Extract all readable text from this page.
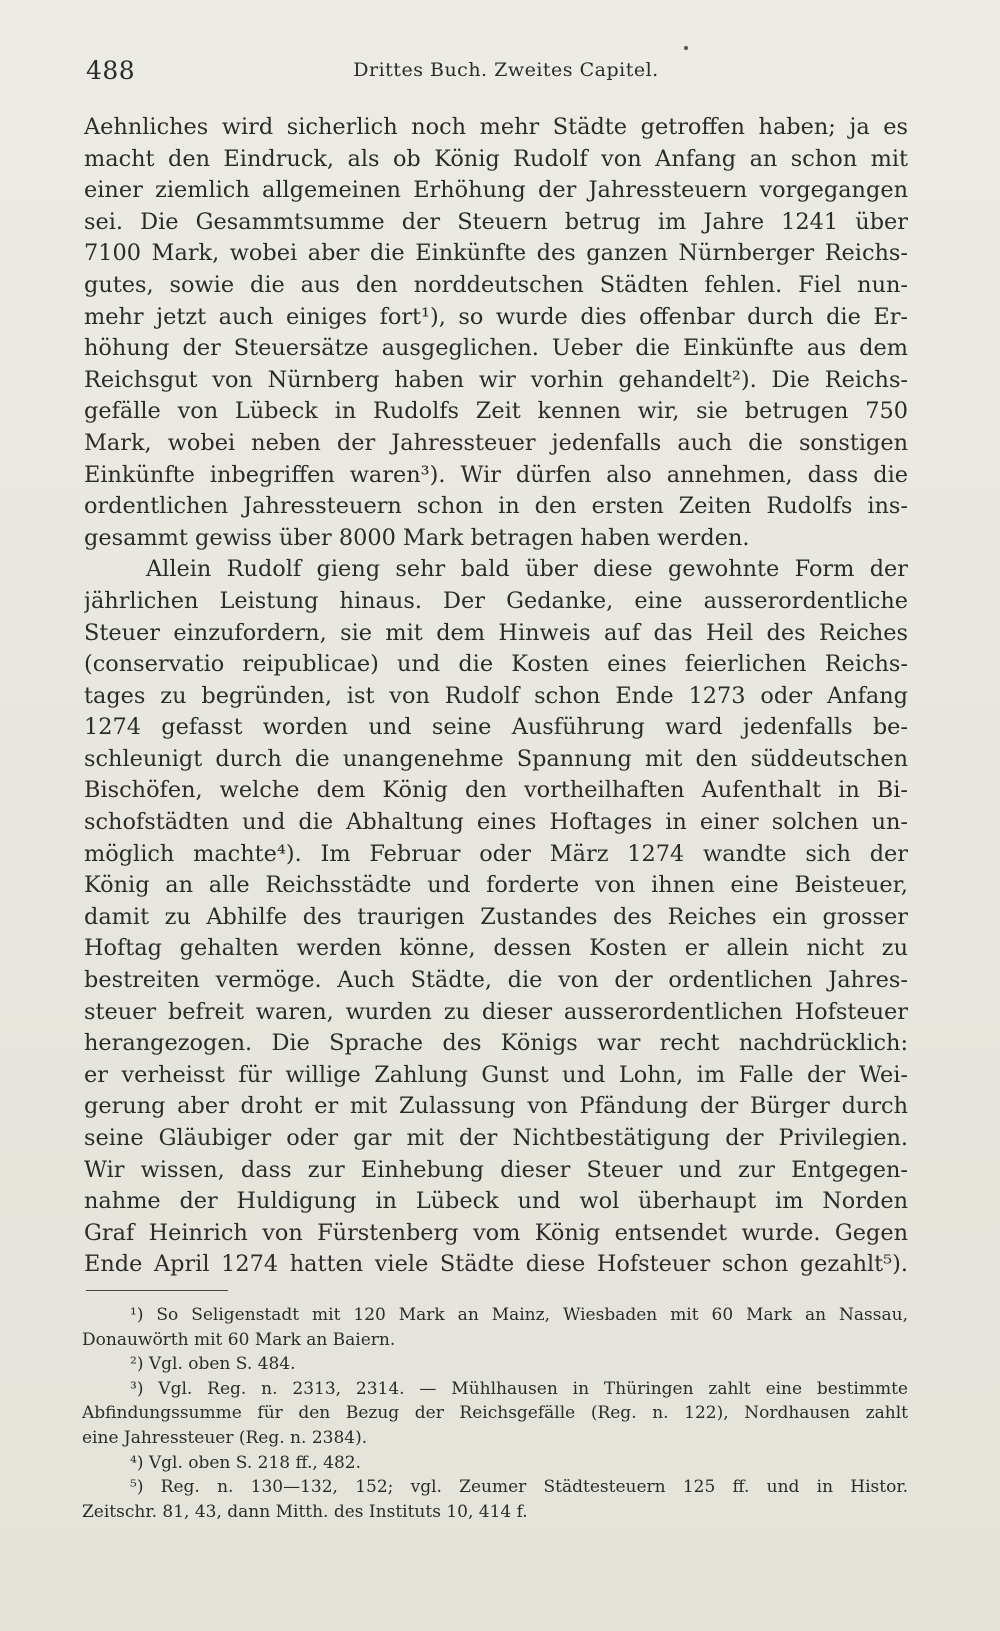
488	Drittes Buch. Zweites Capitel.
Aehnliches wird sicherlich noch mehr Städte getroffen haben; ja es
macht den Eindruck, als ob König Rudolf von Anfang an schon mit
einer ziemlich allgemeinen Erhöhung der Jahressteuern vorgegangen
sei. Die Gesammtsumme der Steuern betrug im Jahre 1241 über
7100 Mark, wobei aber die Einkünfte des ganzen Nürnberger Reichs-
gutes, sowie die aus den norddeutschen Städten fehlen. Fiel nun-
mehr jetzt auch einiges fort¹), so wurde dies offenbar durch die Er-
höhung der Steuersätze ausgeglichen. Ueber die Einkünfte aus dem
Reichsgut von Nürnberg haben wir vorhin gehandelt²). Die Reichs-
gefälle von Lübeck in Rudolfs Zeit kennen wir, sie betrugen 750
Mark, wobei neben der Jahressteuer jedenfalls auch die sonstigen
Einkünfte inbegriffen waren³). Wir dürfen also annehmen, dass die
ordentlichen Jahressteuern schon in den ersten Zeiten Rudolfs ins-
gesammt gewiss über 8000 Mark betragen haben werden.
Allein Rudolf gieng sehr bald über diese gewohnte Form der
jährlichen Leistung hinaus. Der Gedanke, eine ausserordentliche
Steuer einzufordern, sie mit dem Hinweis auf das Heil des Reiches
(conservatio reipublicae) und die Kosten eines feierlichen Reichs-
tages zu begründen, ist von Rudolf schon Ende 1273 oder Anfang
1274 gefasst worden und seine Ausführung ward jedenfalls be-
schleunigt durch die unangenehme Spannung mit den süddeutschen
Bischöfen, welche dem König den vortheilhaften Aufenthalt in Bi-
schofstädten und die Abhaltung eines Hoftages in einer solchen un-
möglich machte⁴). Im Februar oder März 1274 wandte sich der
König an alle Reichsstädte und forderte von ihnen eine Beisteuer,
damit zu Abhilfe des traurigen Zustandes des Reiches ein grosser
Hoftag gehalten werden könne, dessen Kosten er allein nicht zu
bestreiten vermöge. Auch Städte, die von der ordentlichen Jahres-
steuer befreit waren, wurden zu dieser ausserordentlichen Hofsteuer
herangezogen. Die Sprache des Königs war recht nachdrücklich:
er verheisst für willige Zahlung Gunst und Lohn, im Falle der Wei-
gerung aber droht er mit Zulassung von Pfändung der Bürger durch
seine Gläubiger oder gar mit der Nichtbestätigung der Privilegien.
Wir wissen, dass zur Einhebung dieser Steuer und zur Entgegen-
nahme der Huldigung in Lübeck und wol überhaupt im Norden
Graf Heinrich von Fürstenberg vom König entsendet wurde. Gegen
Ende April 1274 hatten viele Städte diese Hofsteuer schon gezahlt⁵).
¹) So Seligenstadt mit 120 Mark an Mainz, Wiesbaden mit 60 Mark an Nassau,
Donauwörth mit 60 Mark an Baiern.
²) Vgl. oben S. 484.
³) Vgl. Reg. n. 2313, 2314. — Mühlhausen in Thüringen zahlt eine bestimmte
Abfindungssumme für den Bezug der Reichsgefälle (Reg. n. 122), Nordhausen zahlt
eine Jahressteuer (Reg. n. 2384).
⁴) Vgl. oben S. 218 ff., 482.
⁵) Reg. n. 130—132, 152; vgl. Zeumer Städtesteuern 125 ff. und in Histor.
Zeitschr. 81, 43, dann Mitth. des Instituts 10, 414 f.
